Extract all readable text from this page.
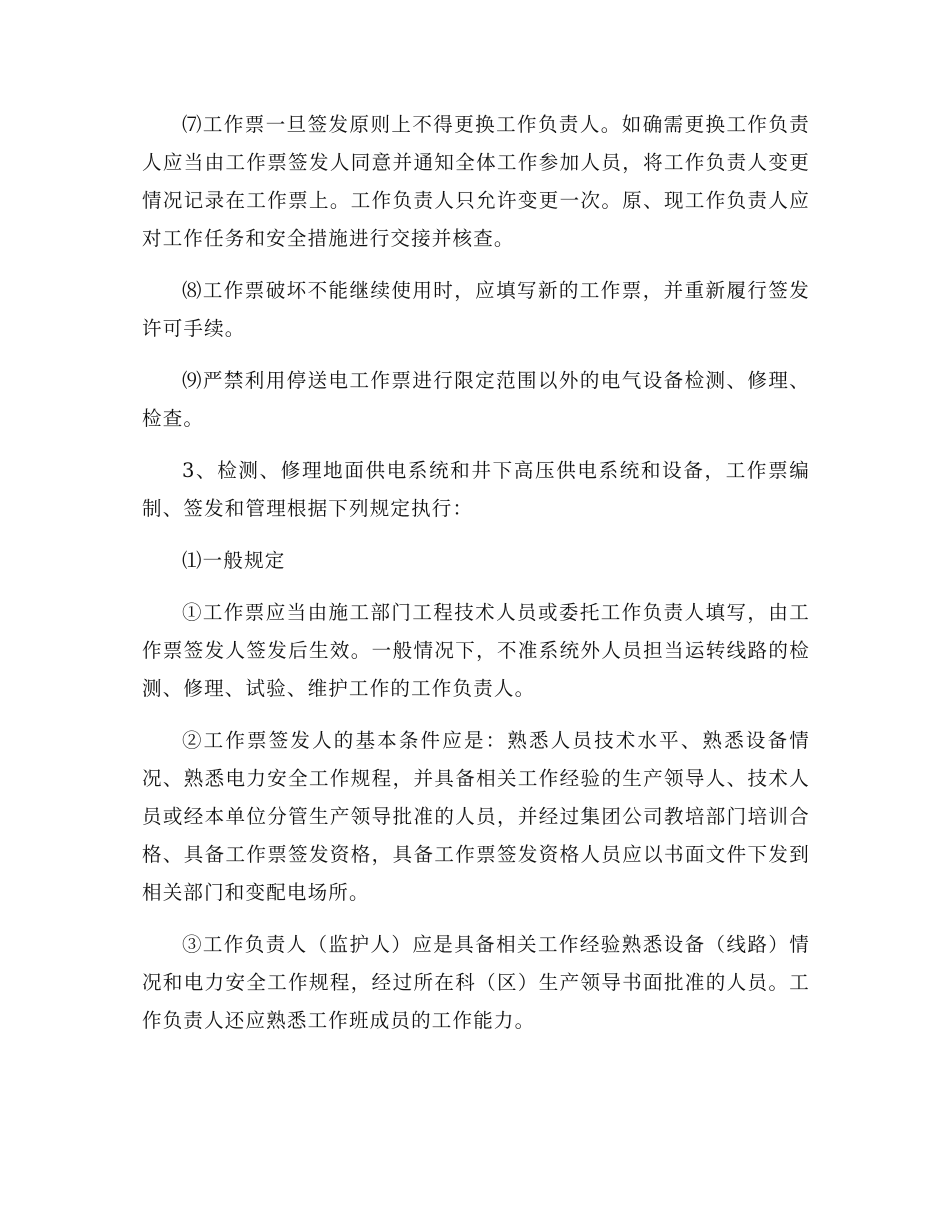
⑺工作票一旦签发原则上不得更换工作负责人。如确需更换工作负责人应当由工作票签发人同意并通知全体工作参加人员，将工作负责人变更情况记录在工作票上。工作负责人只允许变更一次。原、现工作负责人应对工作任务和安全措施进行交接并核查。

⑻工作票破坏不能继续使用时，应填写新的工作票，并重新履行签发许可手续。

⑼严禁利用停送电工作票进行限定范围以外的电气设备检测、修理、检查。

3、检测、修理地面供电系统和井下高压供电系统和设备，工作票编制、签发和管理根据下列规定执行：

⑴一般规定

①工作票应当由施工部门工程技术人员或委托工作负责人填写，由工作票签发人签发后生效。一般情况下，不准系统外人员担当运转线路的检测、修理、试验、维护工作的工作负责人。

②工作票签发人的基本条件应是：熟悉人员技术水平、熟悉设备情况、熟悉电力安全工作规程，并具备相关工作经验的生产领导人、技术人员或经本单位分管生产领导批准的人员，并经过集团公司教培部门培训合格、具备工作票签发资格，具备工作票签发资格人员应以书面文件下发到相关部门和变配电场所。

③工作负责人（监护人）应是具备相关工作经验熟悉设备（线路）情况和电力安全工作规程，经过所在科（区）生产领导书面批准的人员。工作负责人还应熟悉工作班成员的工作能力。
